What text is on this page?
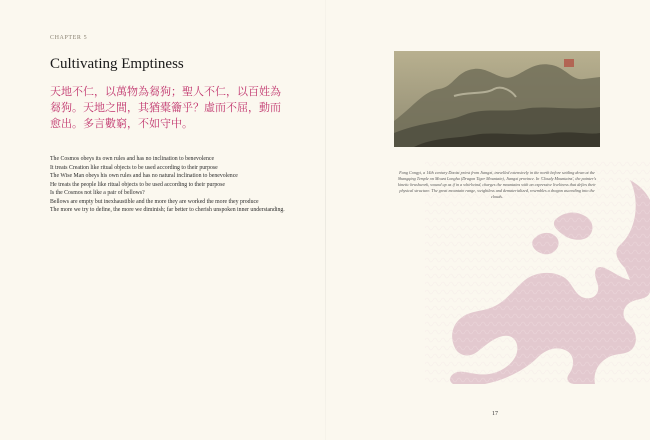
CHAPTER 5
Cultivating Emptiness
天地不仁，以萬物為芻狗；聖人不仁，以百姓為芻狗。天地之間，其猶橐籥乎？虛而不屈，動而愈出。多言數窮，不如守中。
The Cosmos obeys its own rules and has no inclination to benevolence
It treats Creation like ritual objects to be used according to their purpose
The Wise Man obeys his own rules and has no natural inclination to benevolence
He treats the people like ritual objects to be used according to their purpose
Is the Cosmos not like a pair of bellows?
Bellows are empty but inexhaustible and the more they are worked the more they produce
The more we try to define, the more we diminish; far better to cherish unspoken inner understanding.
Fang Congyi, a 14th century Daoist priest from Jiangxi, travelled extensively in the north before settling down at the Shangqing Temple on Mount Longhu (Dragon Tiger Mountain), Jiangxi province. In 'Cloudy Mountains', the painter's kinetic brushwork, wound up as if in a whirlwind, charges the mountains with an expressive liveliness that defies their physical structure. The great mountain range, weightless and dematerialized, resembles a dragon ascending into the clouds.
17
